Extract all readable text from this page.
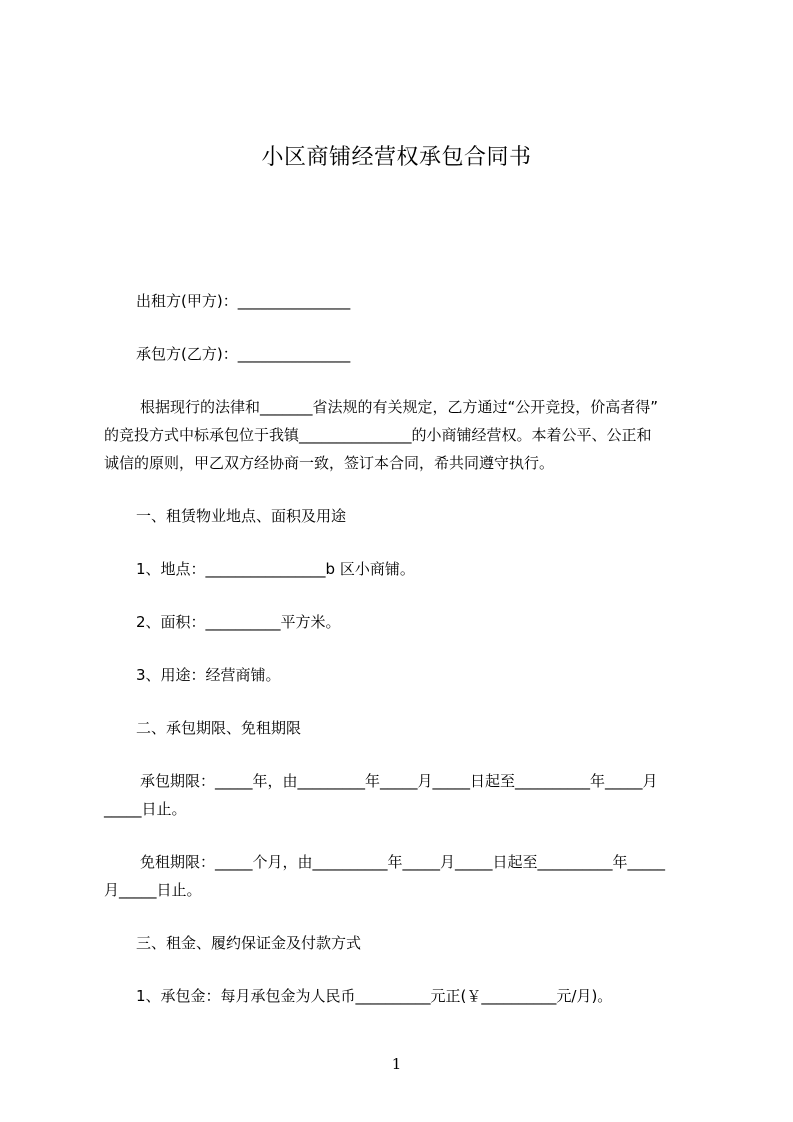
小区商铺经营权承包合同书
出租方(甲方)：_______________
承包方(乙方)：_______________
根据现行的法律和_______省法规的有关规定，乙方通过“公开竞投，价高者得”
的竞投方式中标承包位于我镇_______________的小商铺经营权。本着公平、公正和
诚信的原则，甲乙双方经协商一致，签订本合同，希共同遵守执行。
一、租赁物业地点、面积及用途
1、地点：________________b 区小商铺。
2、面积：__________平方米。
3、用途：经营商铺。
二、承包期限、免租期限
承包期限：_____年，由_________年_____月_____日起至__________年_____月
_____日止。
免租期限：_____个月，由__________年_____月_____日起至__________年_____
月_____日止。
三、租金、履约保证金及付款方式
1、承包金：每月承包金为人民币__________元正(￥__________元/月)。
1
